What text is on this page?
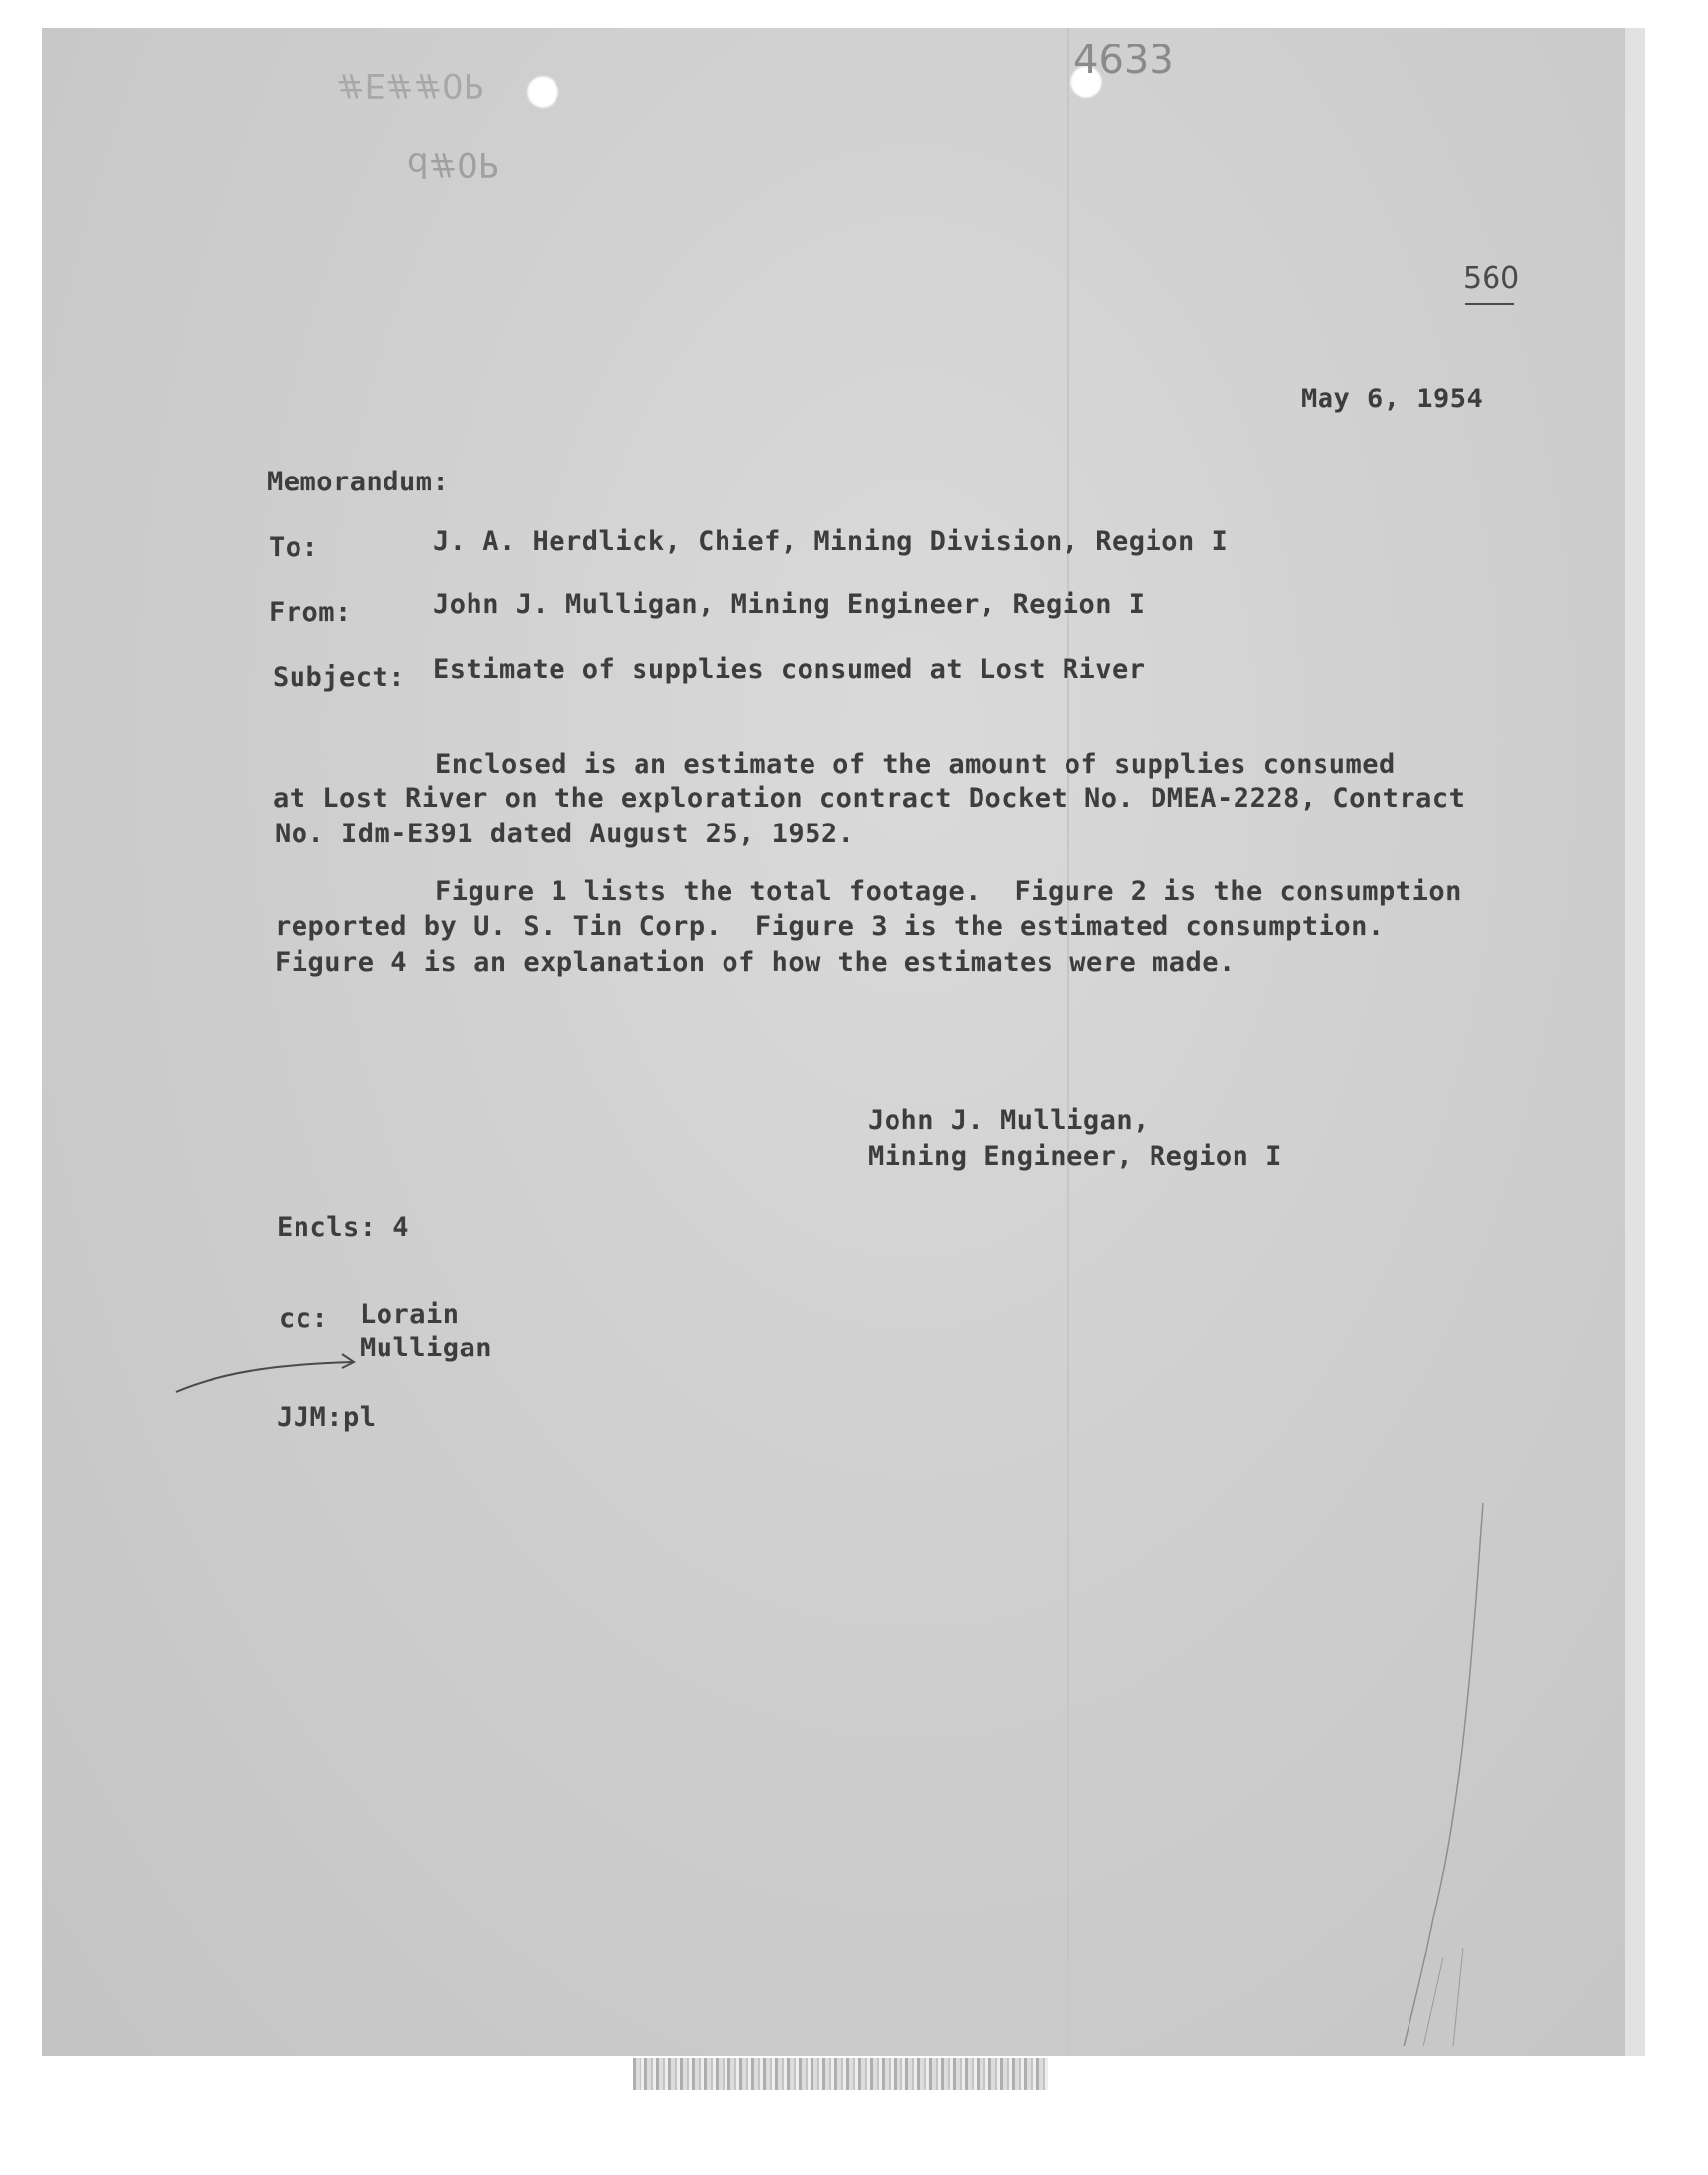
4633
#E##0P
d#0P
560
May 6, 1954
Memorandum:
To:	J. A. Herdlick, Chief, Mining Division, Region I
From:	John J. Mulligan, Mining Engineer, Region I
Subject: Estimate of supplies consumed at Lost River
Enclosed is an estimate of the amount of supplies consumed
at Lost River on the exploration contract Docket No. DMEA-2228, Contract
No. Idm-E391 dated August 25, 1952.
Figure 1 lists the total footage.  Figure 2 is the consumption
reported by U. S. Tin Corp.  Figure 3 is the estimated consumption.
Figure 4 is an explanation of how the estimates were made.
John J. Mulligan,
Mining Engineer, Region I
Encls: 4
cc: Lorain
Mulligan
JJM:pl
